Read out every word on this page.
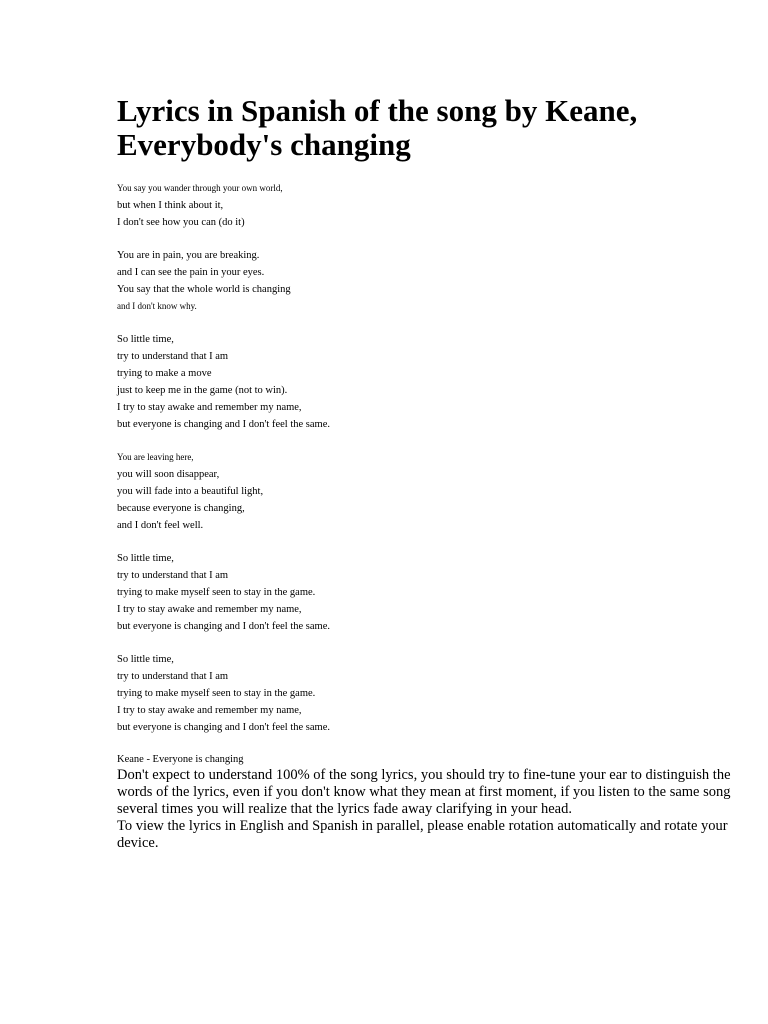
Lyrics in Spanish of the song by Keane, Everybody's changing
You say you wander through your own world,
but when I think about it,
I don't see how you can (do it)
You are in pain, you are breaking.
and I can see the pain in your eyes.
You say that the whole world is changing
and I don't know why.
So little time,
try to understand that I am
trying to make a move
just to keep me in the game (not to win).
I try to stay awake and remember my name,
but everyone is changing and I don't feel the same.
You are leaving here,
you will soon disappear,
you will fade into a beautiful light,
because everyone is changing,
and I don't feel well.
So little time,
try to understand that I am
trying to make myself seen to stay in the game.
I try to stay awake and remember my name,
but everyone is changing and I don't feel the same.
So little time,
try to understand that I am
trying to make myself seen to stay in the game.
I try to stay awake and remember my name,
but everyone is changing and I don't feel the same.
Keane - Everyone is changing

Don't expect to understand 100% of the song lyrics, you should try to fine-tune your ear to distinguish the words of the lyrics, even if you don't know what they mean at first moment, if you listen to the same song several times you will realize that the lyrics fade away clarifying in your head.

To view the lyrics in English and Spanish in parallel, please enable rotation automatically and rotate your device.
